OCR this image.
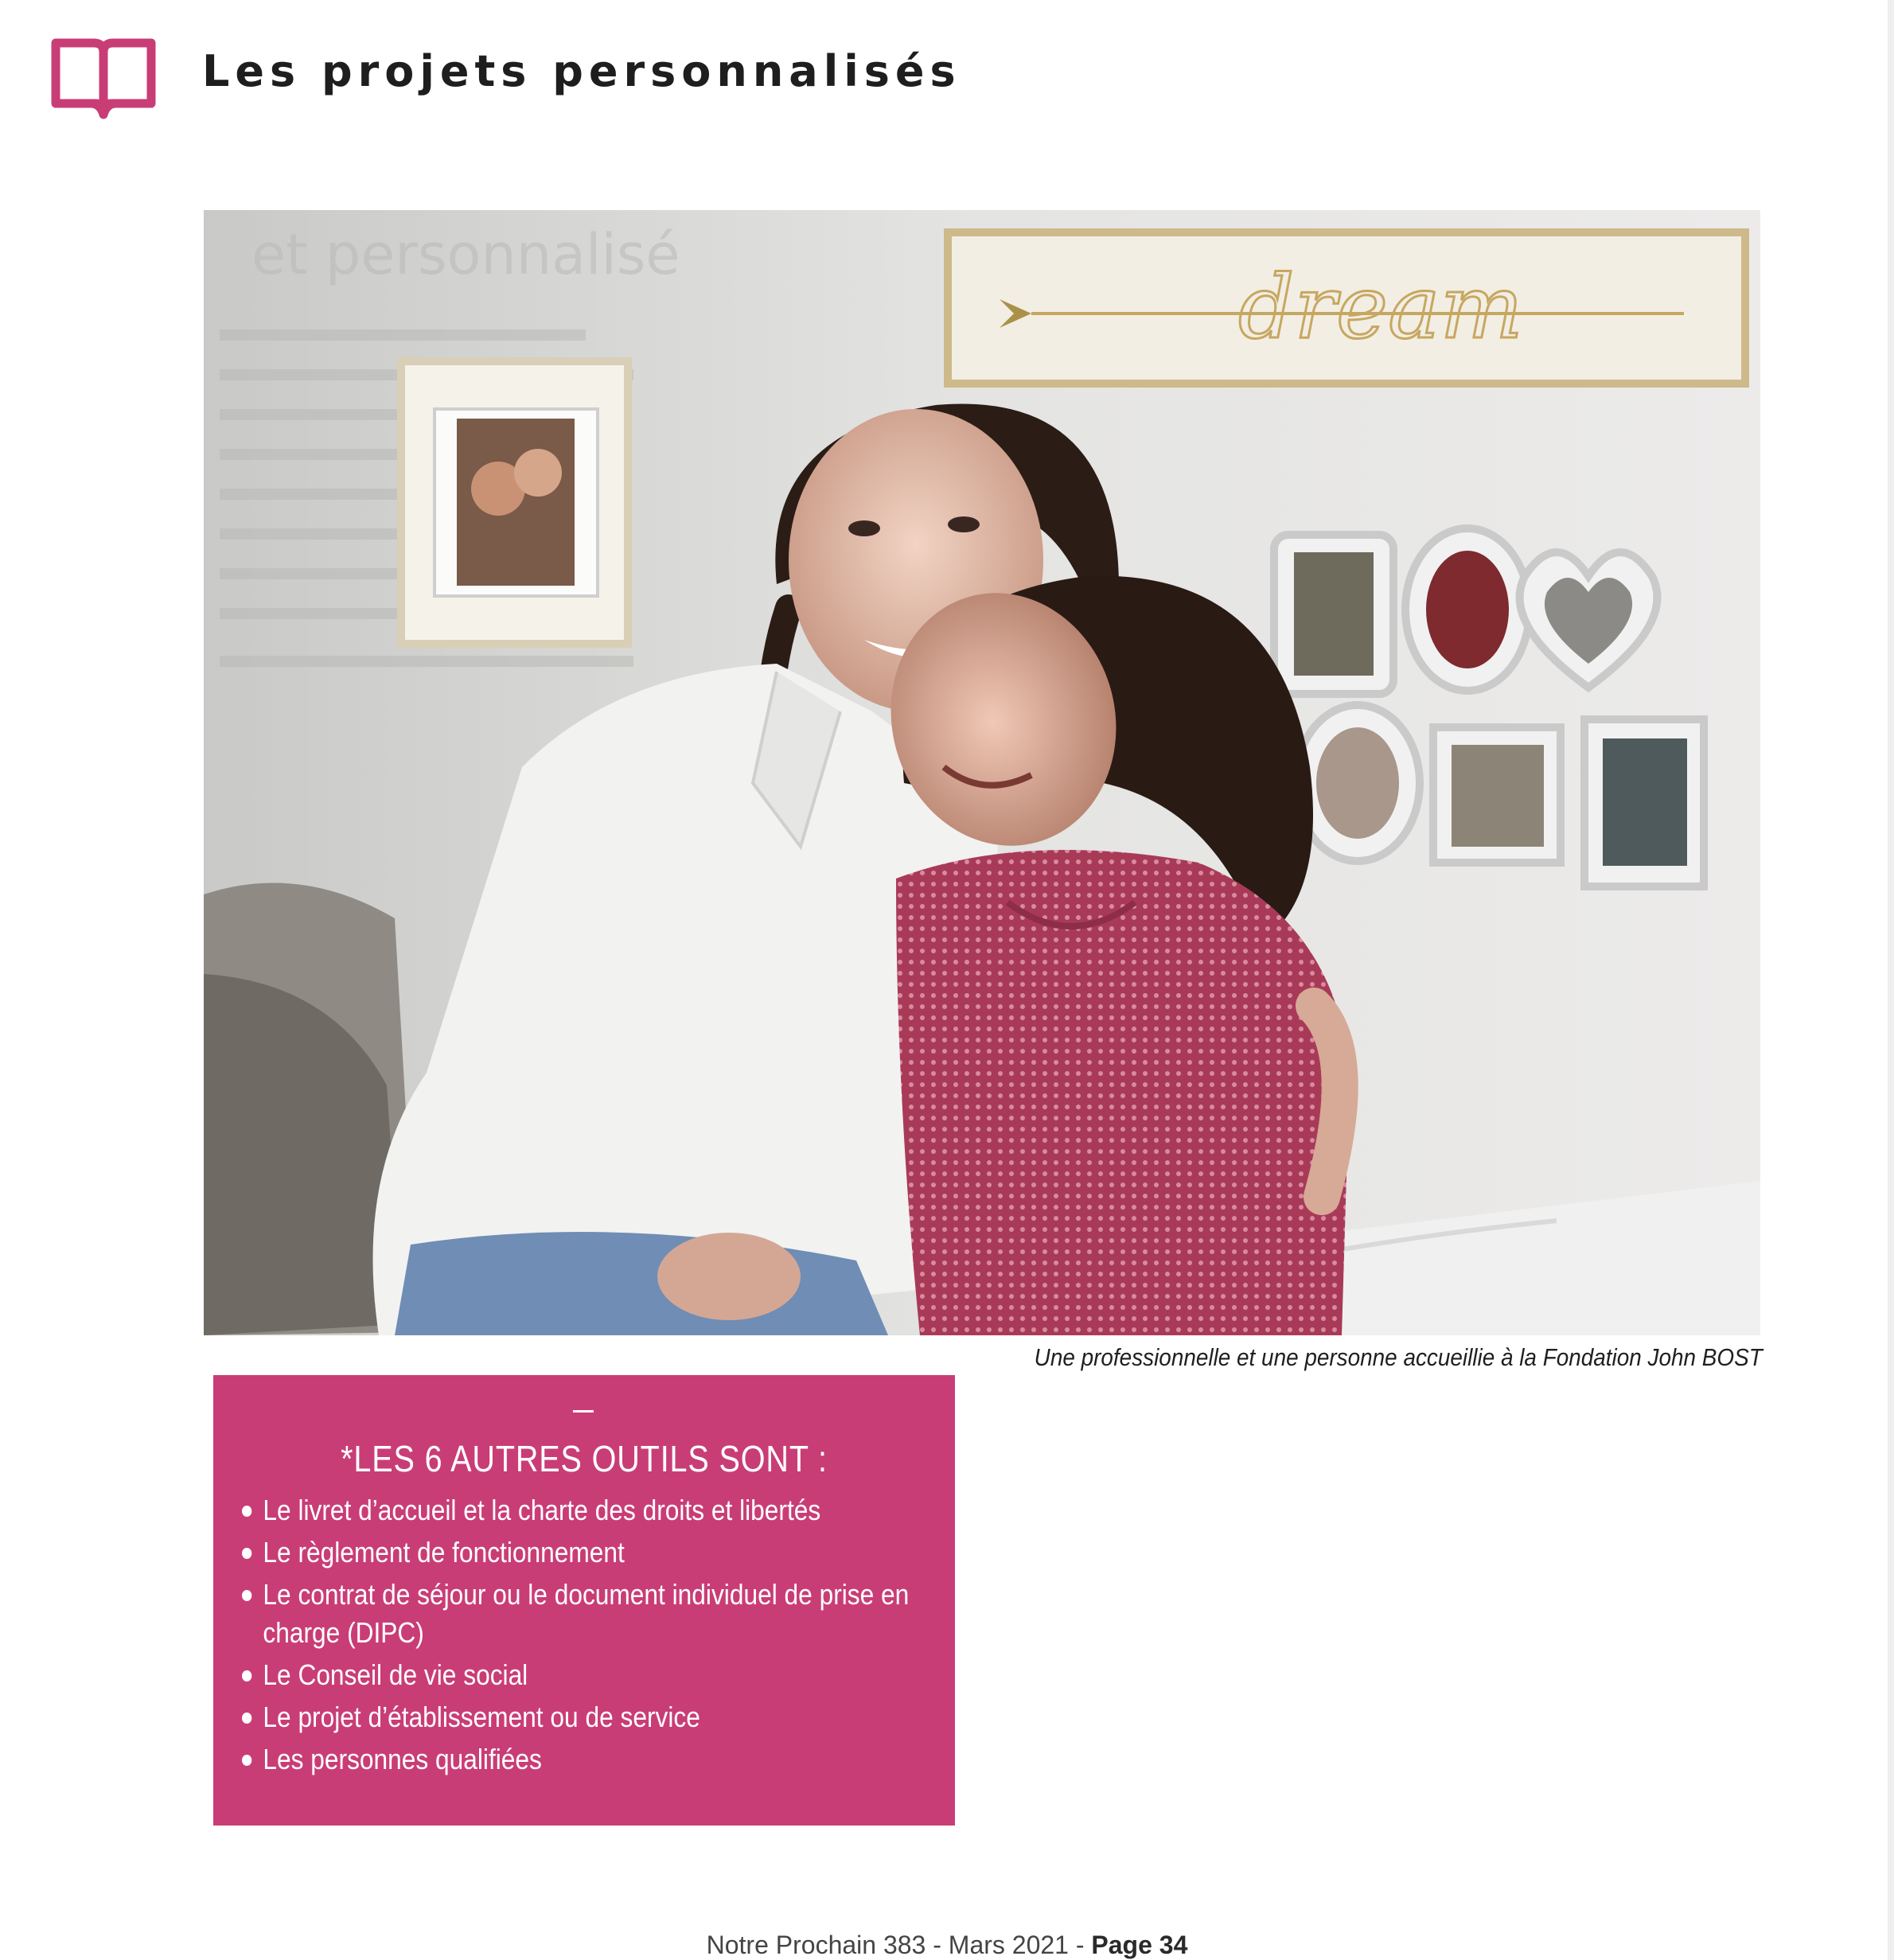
Les projets personnalisés
et personnalisé
dream
Une professionnelle et une personne accueillie à la Fondation John BOST
*LES 6 AUTRES OUTILS SONT :
Le livret d’accueil et la charte des droits et libertés
Le règlement de fonctionnement
Le contrat de séjour ou le document individuel de prise en charge (DIPC)
Le Conseil de vie social
Le projet d’établissement ou de service
Les personnes qualifiées
Notre Prochain 383 - Mars 2021 - Page 34
